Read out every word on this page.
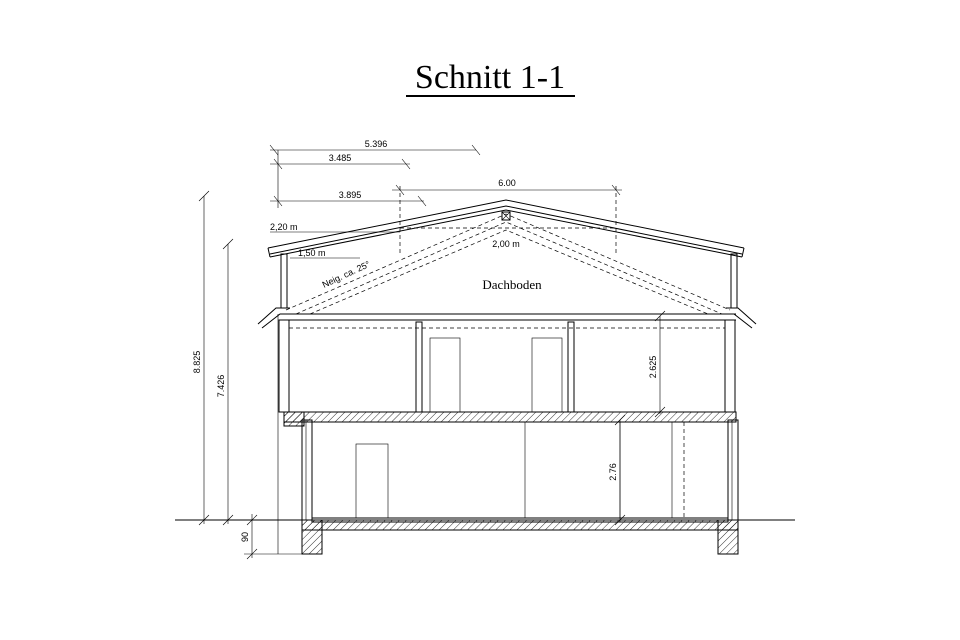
Schnitt 1-1
Dachboden
Neig. ca. 25°
5.396
3.485
3.895
6.00
2,20 m
1,50 m
2,00 m
8.825
7.426
90
2.625
2.76
